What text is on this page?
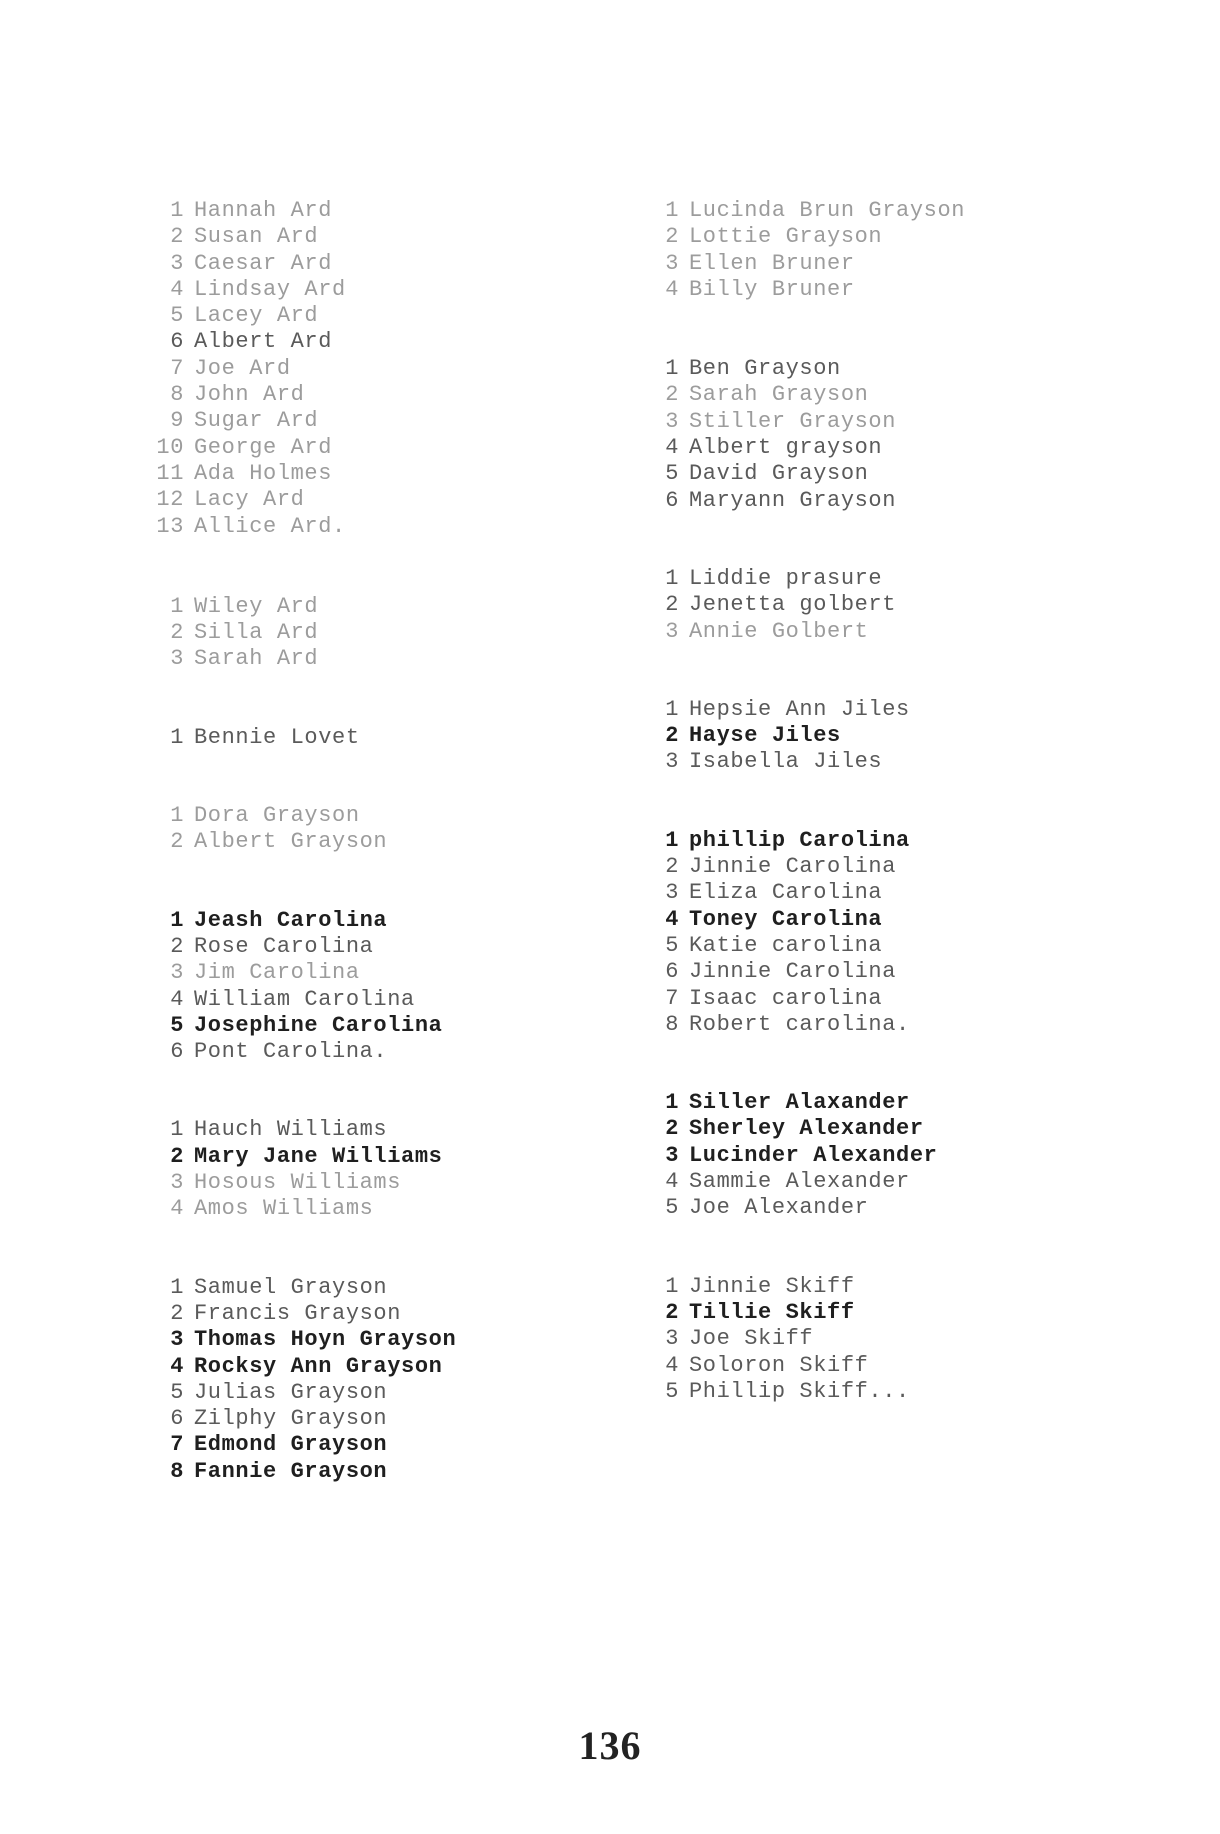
1 Hannah Ard
2 Susan Ard
3 Caesar Ard
4 Lindsay Ard
5 Lacey Ard
6 Albert Ard
7 Joe Ard
8 John Ard
9 Sugar Ard
10 George Ard
11 Ada Holmes
12 Lacy Ard
13 Allice Ard.
1 Wiley Ard
2 Silla Ard
3 Sarah Ard
1 Bennie Lovet
1 Dora Grayson
2 Albert Grayson
1 Jeash Carolina
2 Rose Carolina
3 Jim Carolina
4 William Carolina
5 Josephine Carolina
6 Pont Carolina.
1 Hauch Williams
2 Mary Jane Williams
3 Hosous Williams
4 Amos Williams
1 Samuel Grayson
2 Francis Grayson
3 Thomas Hoyn Grayson
4 Rocksy Ann Grayson
5 Julias Grayson
6 Zilphy Grayson
7 Edmond Grayson
8 Fannie Grayson
1 Lucinda Brun Grayson
2 Lottie Grayson
3 Ellen Bruner
4 Billy Bruner
1 Ben Grayson
2 Sarah Grayson
3 Stiller Grayson
4 Albert grayson
5 David Grayson
6 Maryann Grayson
1 Liddie prasure
2 Jenetta golbert
3 Annie Golbert
1 Hepsie Ann Jiles
2 Hayse Jiles
3 Isabella Jiles
1 phillip Carolina
2 Jinnie Carolina
3 Eliza Carolina
4 Toney Carolina
5 Katie carolina
6 Jinnie Carolina
7 Isaac carolina
8 Robert carolina.
1 Siller Alaxander
2 Sherley Alexander
3 Lucinder Alexander
4 Sammie Alexander
5 Joe Alexander
1 Jinnie Skiff
2 Tillie Skiff
3 Joe Skiff
4 Soloron Skiff
5 Phillip Skiff...
136
